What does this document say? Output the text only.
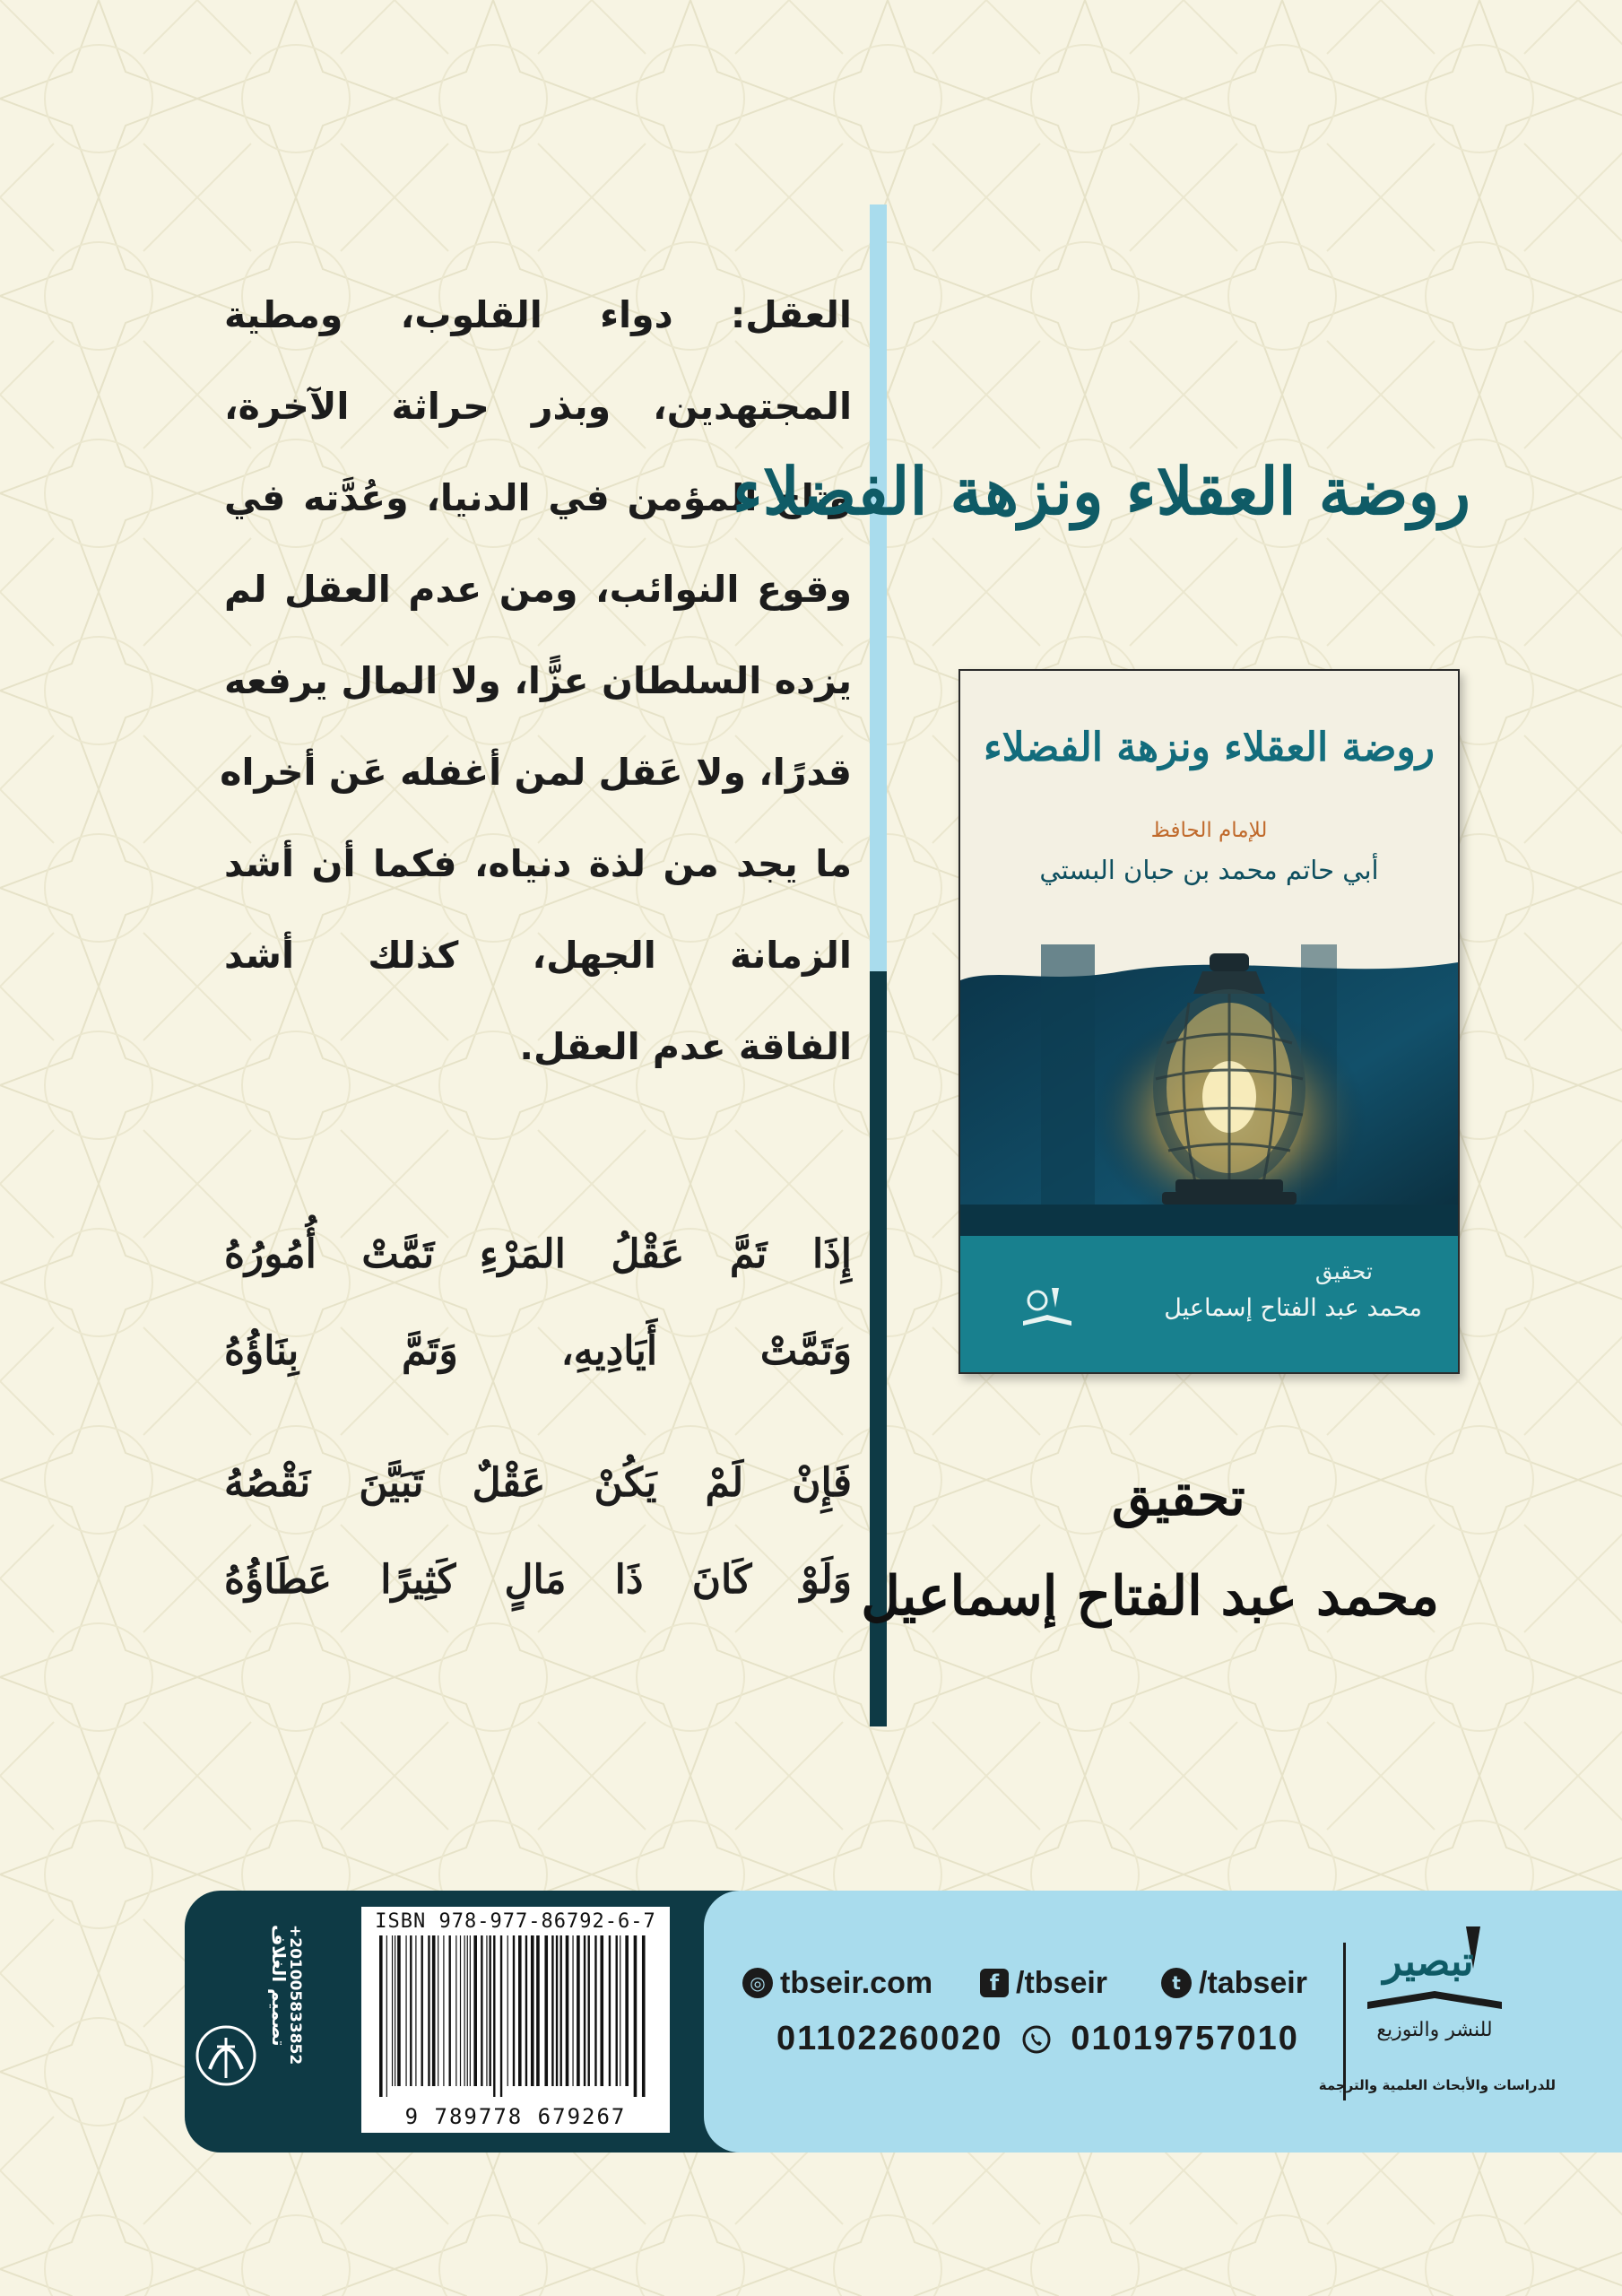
العقل: دواء القلوب، ومطية
المجتهدين، وبذر حراثة الآخرة،
وتاج المؤمن في الدنيا، وعُدَّته في
وقوع النوائب، ومن عدم العقل لم
يزده السلطان عزًّا، ولا المال يرفعه
قدرًا، ولا عَقل لمن أغفله عَن أخراه
ما يجد من لذة دنياه، فكما أن أشد
الزمانة الجهل، كذلك أشد
الفاقة عدم العقل.
إِذَا تَمَّ عَقْلُ المَرْءِ تَمَّتْ أُمُورُهُ
وَتَمَّتْ أَيَادِيهِ، وَتَمَّ بِنَاؤُهُ
فَإِنْ لَمْ يَكُنْ عَقْلٌ تَبَيَّنَ نَقْصُهُ
وَلَوْ كَانَ ذَا مَالٍ كَثِيرًا عَطَاؤُهُ
روضة العقلاء ونزهة الفضلاء
روضة العقلاء ونزهة الفضلاء
للإمام الحافظ
أبي حاتم محمد بن حبان البستي
تحقيق
محمد عبد الفتاح إسماعيل
تحقيق
محمد عبد الفتاح إسماعيل
تصميم الغلاف
+201005833852
ISBN 978-977-86792-6-7
9 789778 679267
◎ tbseir.com	f /tbseir	t /tabseir
01102260020 01019757010
تبصير
للنشر والتوزيع
للدراسات والأبحاث العلمية والترجمة
